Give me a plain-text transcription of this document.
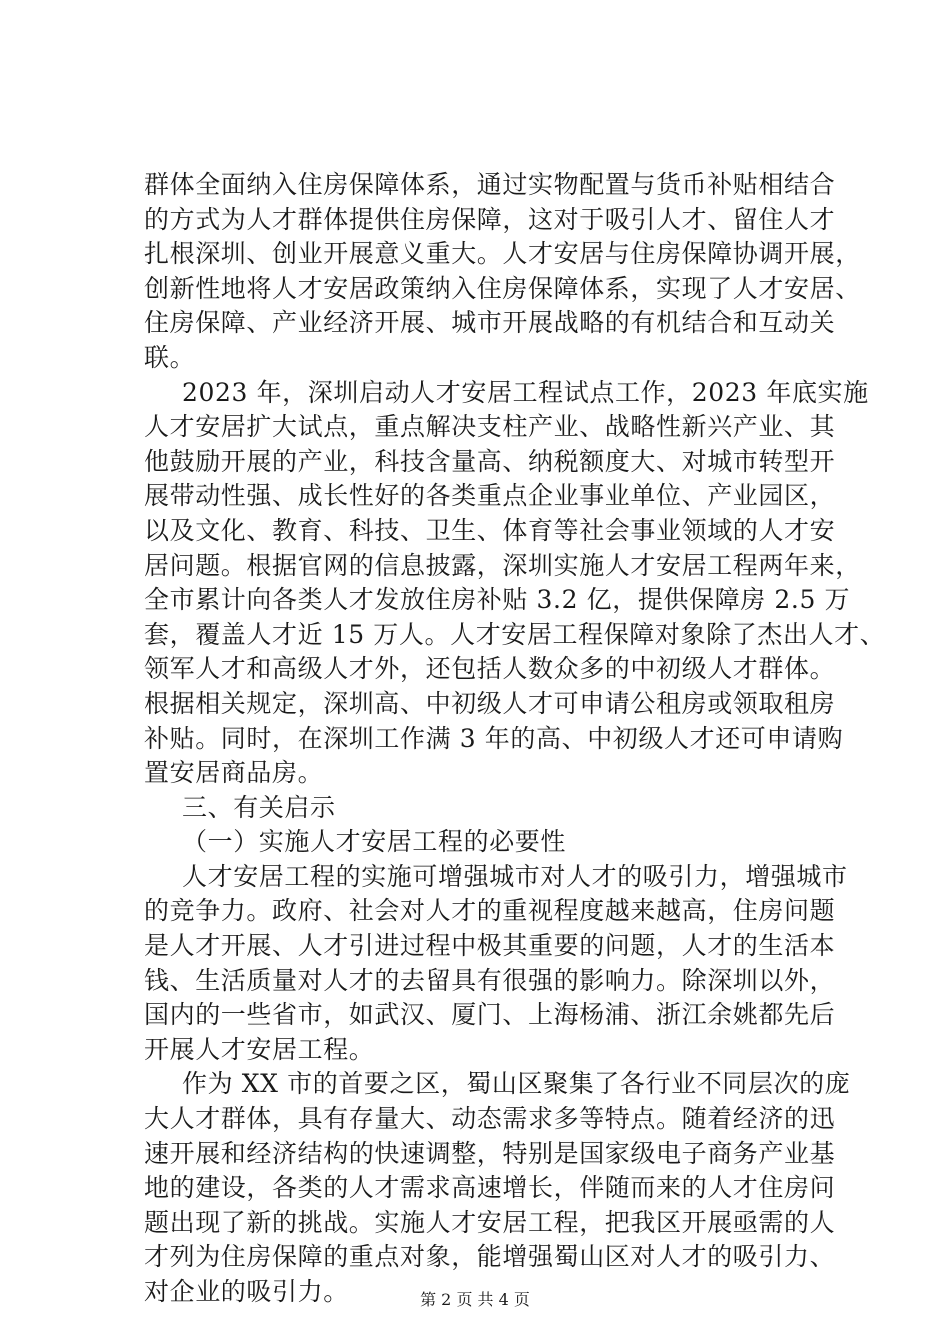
群体全面纳入住房保障体系，通过实物配置与货币补贴相结合
的方式为人才群体提供住房保障，这对于吸引人才、留住人才
扎根深圳、创业开展意义重大。人才安居与住房保障协调开展，
创新性地将人才安居政策纳入住房保障体系，实现了人才安居、
住房保障、产业经济开展、城市开展战略的有机结合和互动关
联。
2023 年，深圳启动人才安居工程试点工作，2023 年底实施
人才安居扩大试点，重点解决支柱产业、战略性新兴产业、其
他鼓励开展的产业，科技含量高、纳税额度大、对城市转型开
展带动性强、成长性好的各类重点企业事业单位、产业园区，
以及文化、教育、科技、卫生、体育等社会事业领域的人才安
居问题。根据官网的信息披露，深圳实施人才安居工程两年来，
全市累计向各类人才发放住房补贴 3.2 亿，提供保障房 2.5 万
套，覆盖人才近 15 万人。人才安居工程保障对象除了杰出人才、
领军人才和高级人才外，还包括人数众多的中初级人才群体。
根据相关规定，深圳高、中初级人才可申请公租房或领取租房
补贴。同时，在深圳工作满 3 年的高、中初级人才还可申请购
置安居商品房。
三、有关启示
（一）实施人才安居工程的必要性
人才安居工程的实施可增强城市对人才的吸引力，增强城市
的竞争力。政府、社会对人才的重视程度越来越高，住房问题
是人才开展、人才引进过程中极其重要的问题，人才的生活本
钱、生活质量对人才的去留具有很强的影响力。除深圳以外，
国内的一些省市，如武汉、厦门、上海杨浦、浙江余姚都先后
开展人才安居工程。
作为 XX 市的首要之区，蜀山区聚集了各行业不同层次的庞
大人才群体，具有存量大、动态需求多等特点。随着经济的迅
速开展和经济结构的快速调整，特别是国家级电子商务产业基
地的建设，各类的人才需求高速增长，伴随而来的人才住房问
题出现了新的挑战。实施人才安居工程，把我区开展亟需的人
才列为住房保障的重点对象，能增强蜀山区对人才的吸引力、
对企业的吸引力。	第 2 页 共 4 页
